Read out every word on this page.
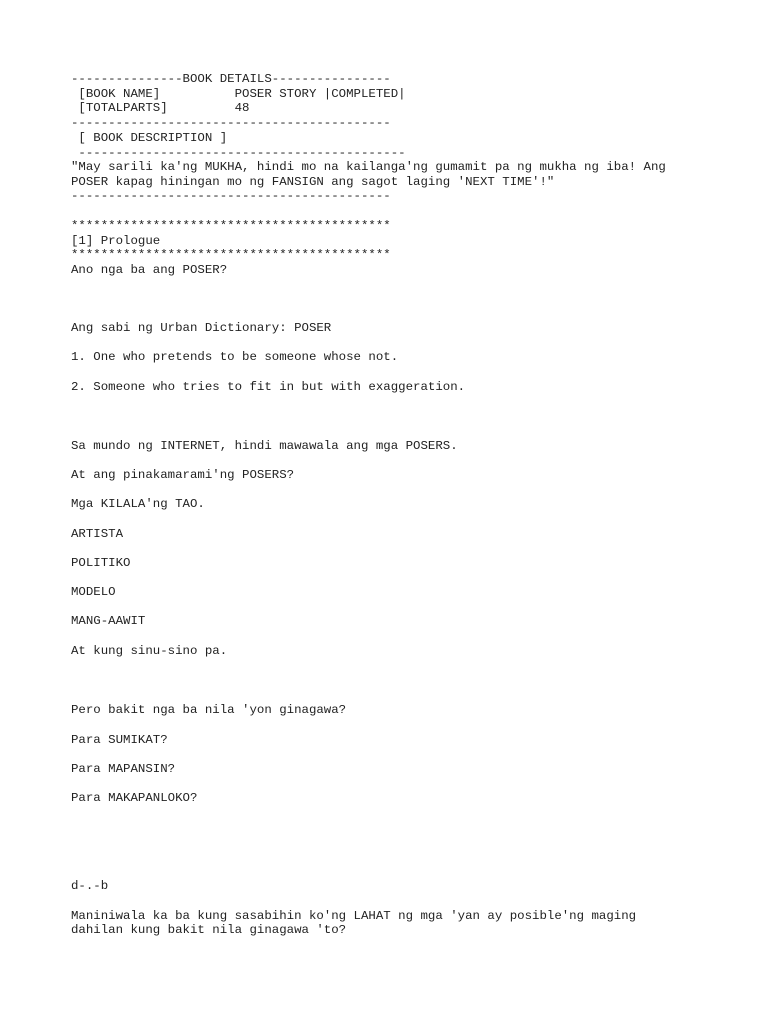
---------------BOOK DETAILS----------------

[BOOK NAME]          POSER STORY |COMPLETED|

[TOTALPARTS]         48

-------------------------------------------

[ BOOK DESCRIPTION ]

--------------------------------------------

"May sarili ka'ng MUKHA, hindi mo na kailanga'ng gumamit pa ng mukha ng iba! Ang

POSER kapag hiningan mo ng FANSIGN ang sagot laging 'NEXT TIME'!"

-------------------------------------------

*******************************************

[1] Prologue

*******************************************

Ano nga ba ang POSER?

Ang sabi ng Urban Dictionary: POSER

1. One who pretends to be someone whose not.

2. Someone who tries to fit in but with exaggeration.

Sa mundo ng INTERNET, hindi mawawala ang mga POSERS.

At ang pinakamarami'ng POSERS?

Mga KILALA'ng TAO.

ARTISTA

POLITIKO

MODELO

MANG-AAWIT

At kung sinu-sino pa.

Pero bakit nga ba nila 'yon ginagawa?

Para SUMIKAT?

Para MAPANSIN?

Para MAKAPANLOKO?

d-.-b

Maniniwala ka ba kung sasabihin ko'ng LAHAT ng mga 'yan ay posible'ng maging

dahilan kung bakit nila ginagawa 'to?
